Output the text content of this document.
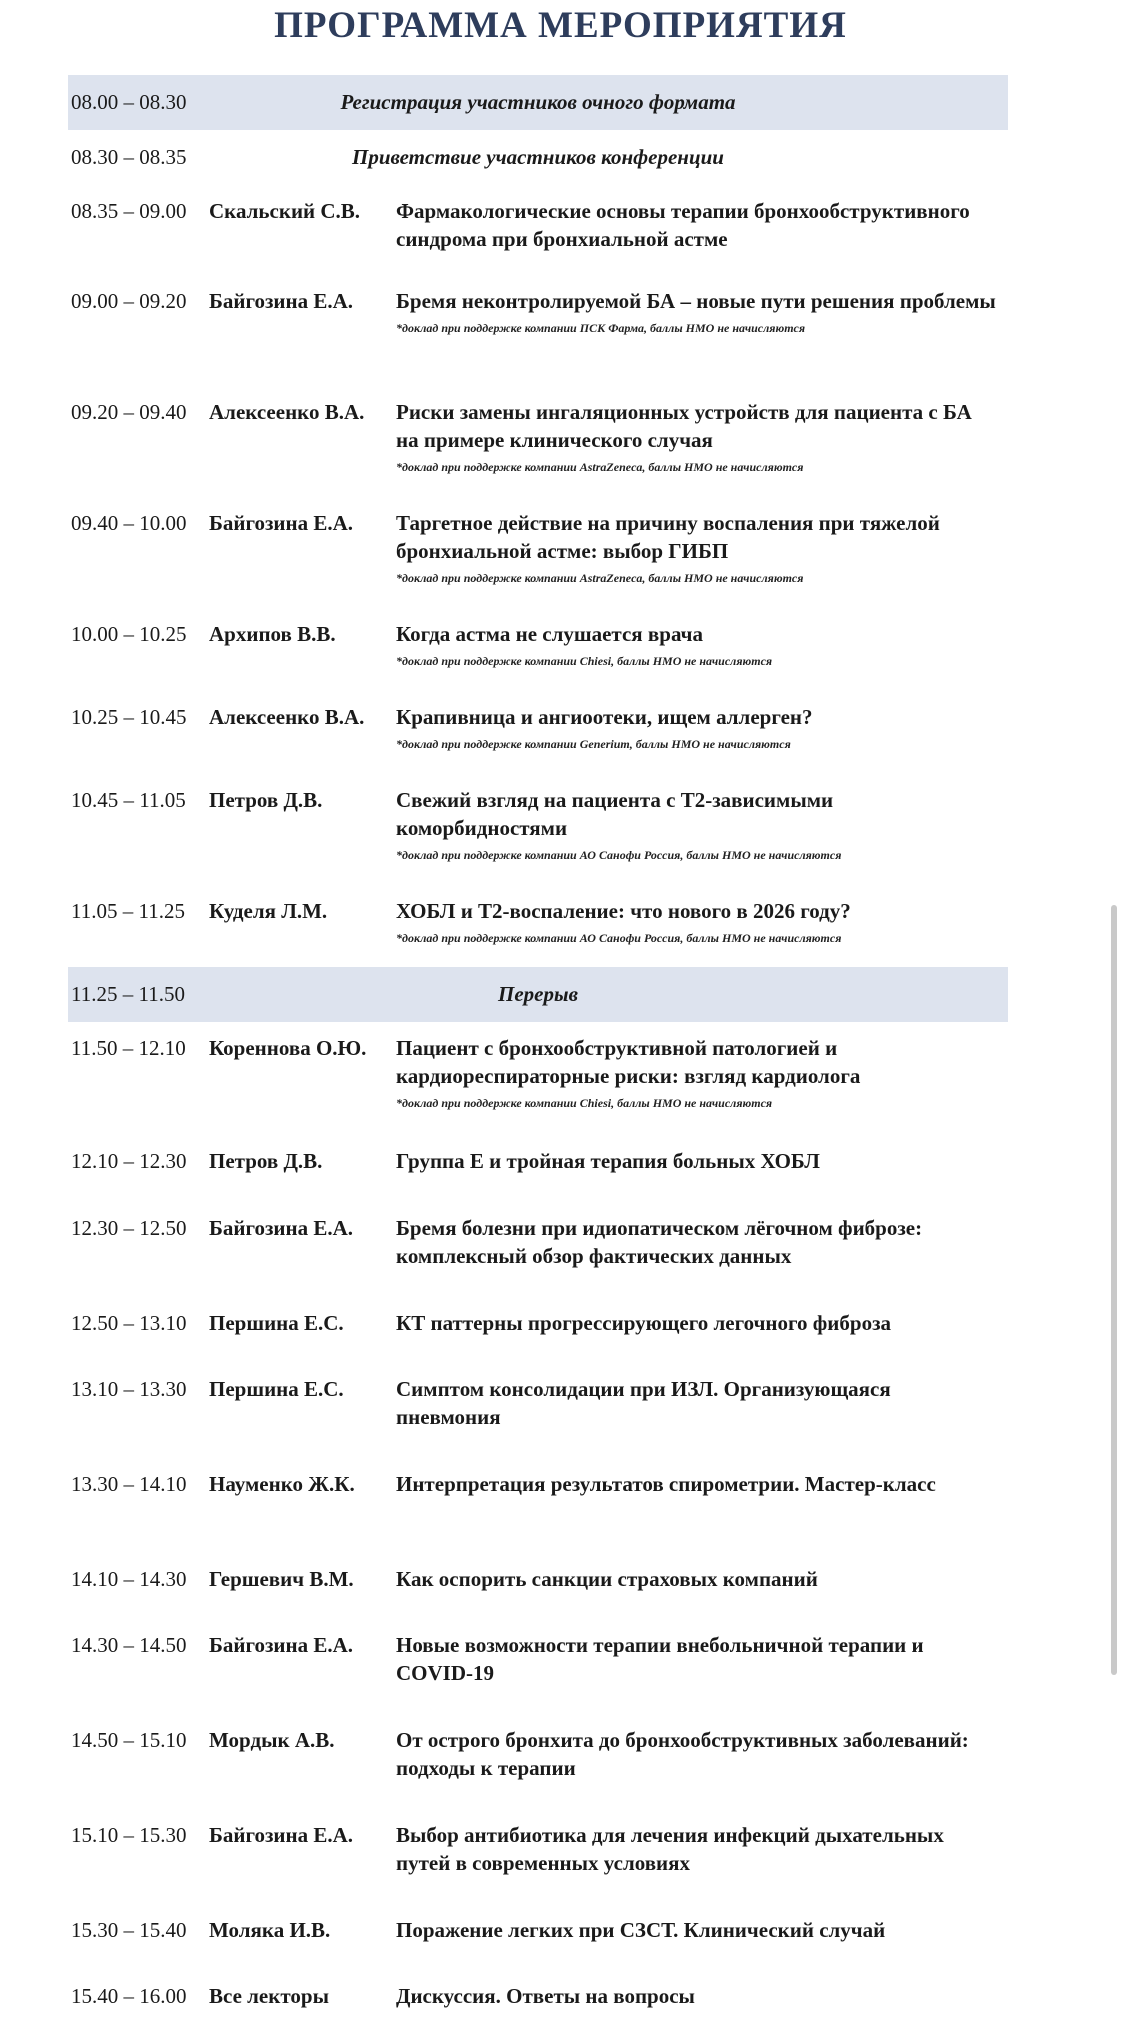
ПРОГРАММА МЕРОПРИЯТИЯ
08.00 – 08.30	Регистрация участников очного формата
08.30 – 08.35	Приветствие участников конференции
08.35 – 09.00 Скальский С.В. Фармакологические основы терапии бронхообструктивного синдрома при бронхиальной астме
09.00 – 09.20 Байгозина Е.А. Бремя неконтролируемой БА – новые пути решения проблемы
*доклад при поддержке компании ПСК Фарма, баллы НМО не начисляются
09.20 – 09.40 Алексеенко В.А. Риски замены ингаляционных устройств для пациента с БА на примере клинического случая
*доклад при поддержке компании AstraZeneca, баллы НМО не начисляются
09.40 – 10.00 Байгозина Е.А. Таргетное действие на причину воспаления при тяжелой бронхиальной астме: выбор ГИБП
*доклад при поддержке компании AstraZeneca, баллы НМО не начисляются
10.00 – 10.25 Архипов В.В.	Когда астма не слушается врача
*доклад при поддержке компании Chiesi, баллы НМО не начисляются
10.25 – 10.45 Алексеенко В.А. Крапивница и ангиоотеки, ищем аллерген?
*доклад при поддержке компании Generium, баллы НМО не начисляются
10.45 – 11.05 Петров Д.В.	Свежий взгляд на пациента с Т2-зависимыми коморбидностями
*доклад при поддержке компании АО Санофи Россия, баллы НМО не начисляются
11.05 – 11.25 Куделя Л.М.	ХОБЛ и Т2-воспаление: что нового в 2026 году?
*доклад при поддержке компании АО Санофи Россия, баллы НМО не начисляются
11.25 – 11.50	Перерыв
11.50 – 12.10 Кореннова О.Ю. Пациент с бронхообструктивной патологией и кардиореспираторные риски: взгляд кардиолога
*доклад при поддержке компании Chiesi, баллы НМО не начисляются
12.10 – 12.30 Петров Д.В.	Группа Е и тройная терапия больных ХОБЛ
12.30 – 12.50 Байгозина Е.А. Бремя болезни при идиопатическом лёгочном фиброзе: комплексный обзор фактических данных
12.50 – 13.10 Першина Е.С. КТ паттерны прогрессирующего легочного фиброза
13.10 – 13.30 Першина Е.С. Симптом консолидации при ИЗЛ. Организующаяся пневмония
13.30 – 14.10 Науменко Ж.К. Интерпретация результатов спирометрии. Мастер-класс
14.10 – 14.30 Гершевич В.М. Как оспорить санкции страховых компаний
14.30 – 14.50 Байгозина Е.А. Новые возможности терапии внебольничной терапии и COVID-19
14.50 – 15.10 Мордык А.В.	От острого бронхита до бронхообструктивных заболеваний: подходы к терапии
15.10 – 15.30 Байгозина Е.А. Выбор антибиотика для лечения инфекций дыхательных путей в современных условиях
15.30 – 15.40 Моляка И.В.	Поражение легких при СЗСТ. Клинический случай
15.40 – 16.00 Все лекторы	Дискуссия. Ответы на вопросы
